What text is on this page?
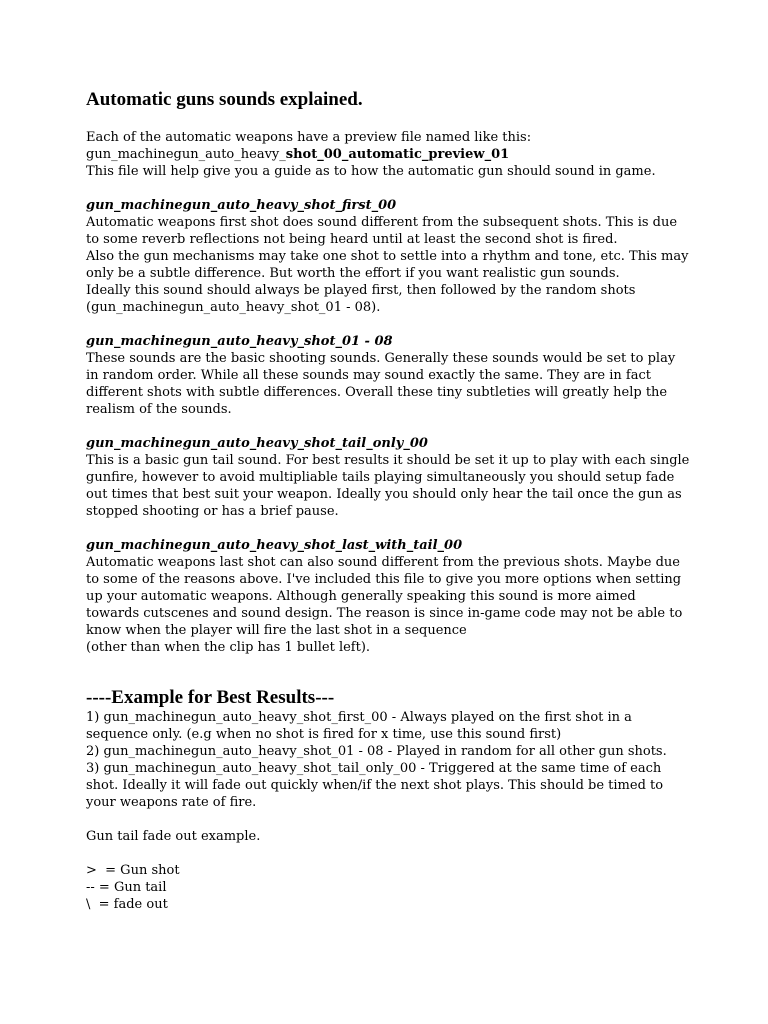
Automatic guns sounds explained.
Each of the automatic weapons have a preview file named like this:
gun_machinegun_auto_heavy_shot_00_automatic_preview_01
This file will help give you a guide as to how the automatic gun should sound in game.
gun_machinegun_auto_heavy_shot_first_00
Automatic weapons first shot does sound different from the subsequent shots. This is due
to some reverb reflections not being heard until at least the second shot is fired.
Also the gun mechanisms may take one shot to settle into a rhythm and tone, etc. This may
only be a subtle difference. But worth the effort if you want realistic gun sounds.
Ideally this sound should always be played first, then followed by the random shots
(gun_machinegun_auto_heavy_shot_01 - 08).
gun_machinegun_auto_heavy_shot_01 - 08
These sounds are the basic shooting sounds. Generally these sounds would be set to play
in random order. While all these sounds may sound exactly the same. They are in fact
different shots with subtle differences. Overall these tiny subtleties will greatly help the
realism of the sounds.
gun_machinegun_auto_heavy_shot_tail_only_00
This is a basic gun tail sound. For best results it should be set it up to play with each single
gunfire, however to avoid multipliable tails playing simultaneously you should setup fade
out times that best suit your weapon. Ideally you should only hear the tail once the gun as
stopped shooting or has a brief pause.
gun_machinegun_auto_heavy_shot_last_with_tail_00
Automatic weapons last shot can also sound different from the previous shots. Maybe due
to some of the reasons above. I've included this file to give you more options when setting
up your automatic weapons. Although generally speaking this sound is more aimed
towards cutscenes and sound design. The reason is since in-game code may not be able to
know when the player will fire the last shot in a sequence
(other than when the clip has 1 bullet left).
----Example for Best Results---
1) gun_machinegun_auto_heavy_shot_first_00 - Always played on the first shot in a
sequence only. (e.g when no shot is fired for x time, use this sound first)
2) gun_machinegun_auto_heavy_shot_01 - 08 - Played in random for all other gun shots.
3) gun_machinegun_auto_heavy_shot_tail_only_00 - Triggered at the same time of each
shot. Ideally it will fade out quickly when/if the next shot plays. This should be timed to
your weapons rate of fire.
Gun tail fade out example.
>  = Gun shot
-- = Gun tail
\  = fade out
